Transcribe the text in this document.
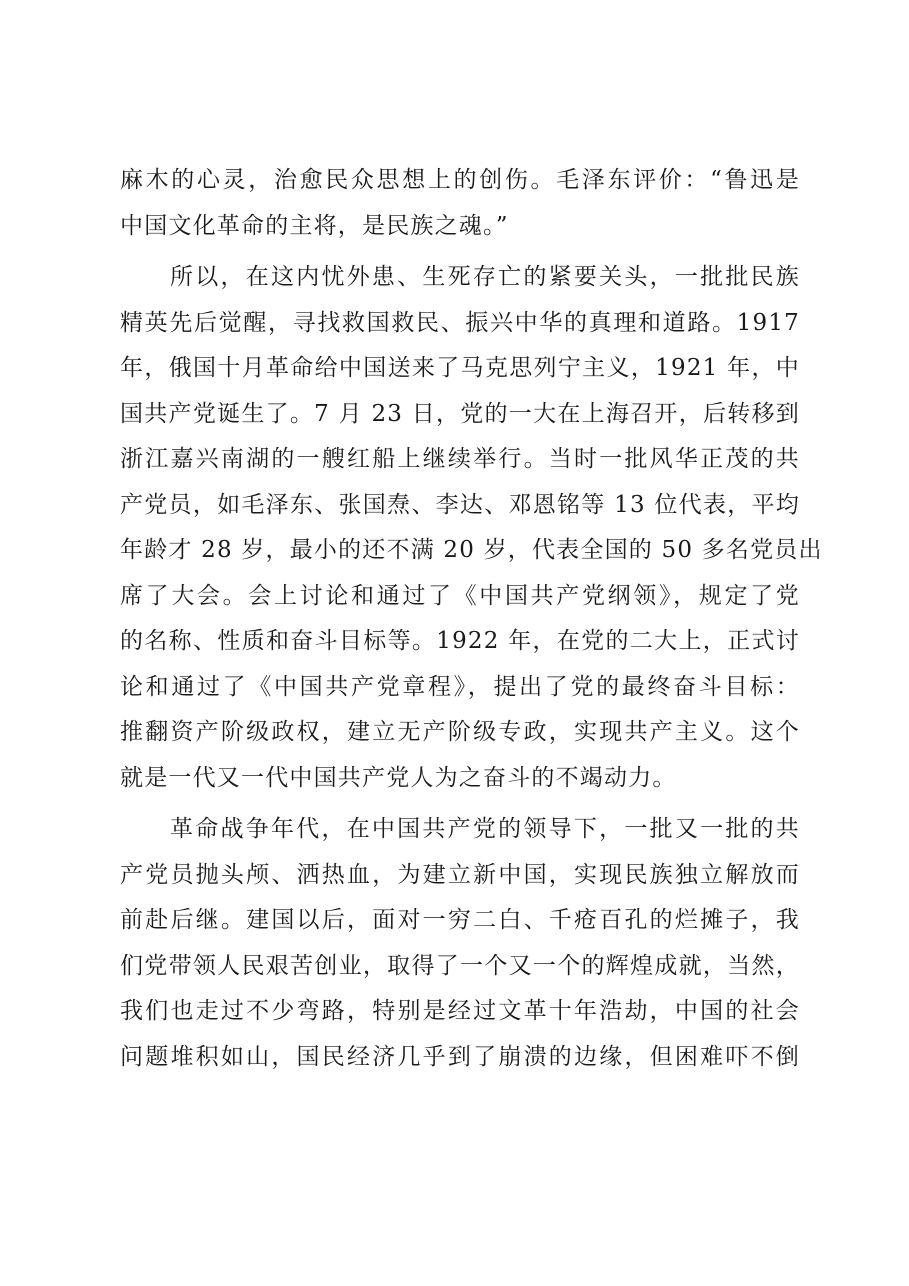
麻木的心灵，治愈民众思想上的创伤。毛泽东评价：“鲁迅是
中国文化革命的主将，是民族之魂。”
所以，在这内忧外患、生死存亡的紧要关头，一批批民族
精英先后觉醒，寻找救国救民、振兴中华的真理和道路。1917
年，俄国十月革命给中国送来了马克思列宁主义，1921 年，中
国共产党诞生了。7 月 23 日，党的一大在上海召开，后转移到
浙江嘉兴南湖的一艘红船上继续举行。当时一批风华正茂的共
产党员，如毛泽东、张国焘、李达、邓恩铭等 13 位代表，平均
年龄才 28 岁，最小的还不满 20 岁，代表全国的 50 多名党员出
席了大会。会上讨论和通过了《中国共产党纲领》，规定了党
的名称、性质和奋斗目标等。1922 年，在党的二大上，正式讨
论和通过了《中国共产党章程》，提出了党的最终奋斗目标：
推翻资产阶级政权，建立无产阶级专政，实现共产主义。这个
就是一代又一代中国共产党人为之奋斗的不竭动力。
革命战争年代，在中国共产党的领导下，一批又一批的共
产党员抛头颅、洒热血，为建立新中国，实现民族独立解放而
前赴后继。建国以后，面对一穷二白、千疮百孔的烂摊子，我
们党带领人民艰苦创业，取得了一个又一个的辉煌成就，当然，
我们也走过不少弯路，特别是经过文革十年浩劫，中国的社会
问题堆积如山，国民经济几乎到了崩溃的边缘，但困难吓不倒
